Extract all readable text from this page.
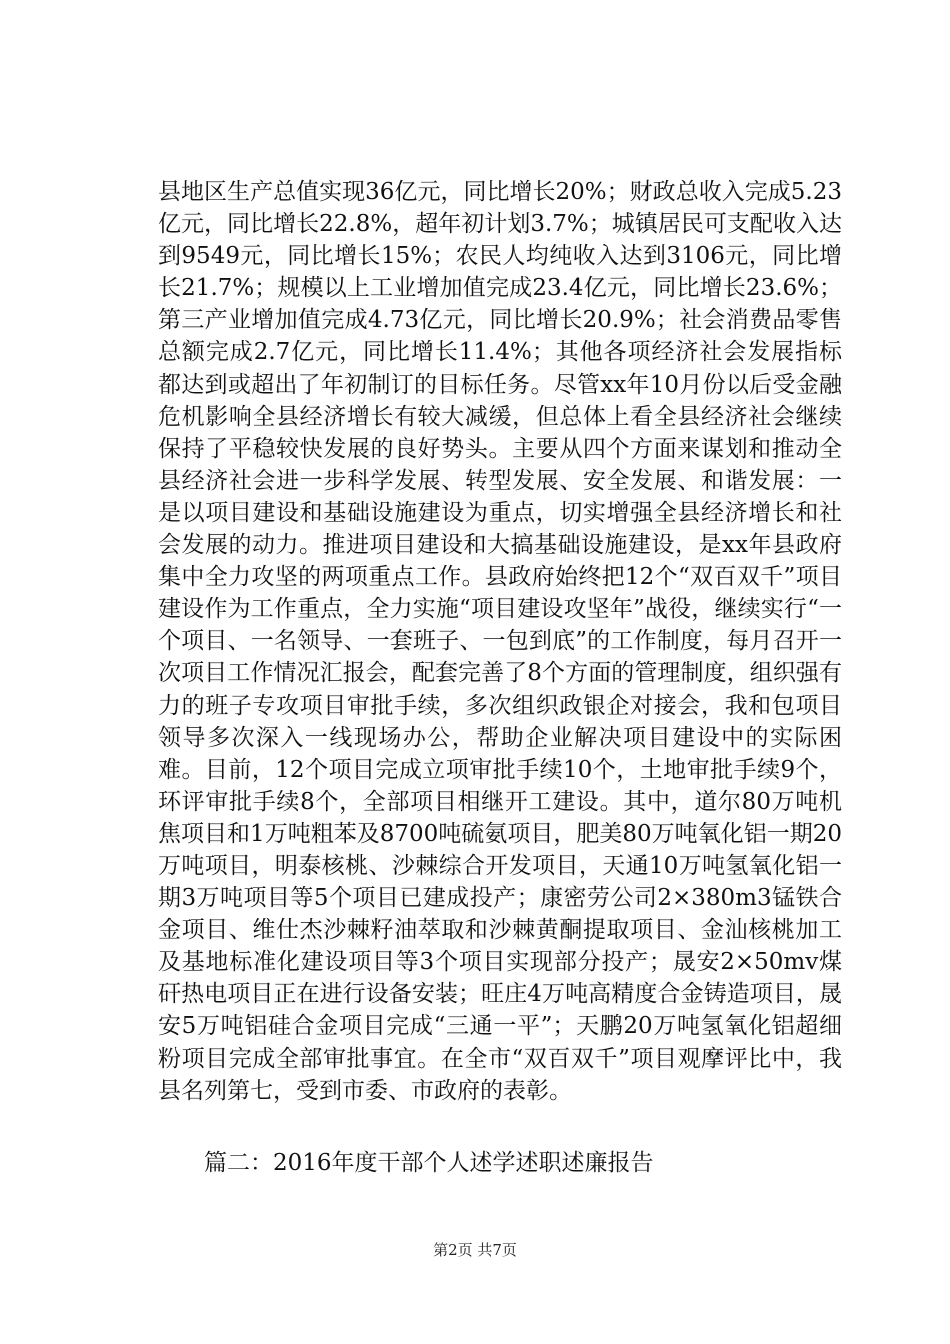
县地区生产总值实现36亿元，同比增长20%；财政总收入完成5.23亿元，同比增长22.8%，超年初计划3.7%；城镇居民可支配收入达到9549元，同比增长15%；农民人均纯收入达到3106元，同比增长21.7%；规模以上工业增加值完成23.4亿元，同比增长23.6%；第三产业增加值完成4.73亿元，同比增长20.9%；社会消费品零售总额完成2.7亿元，同比增长11.4%；其他各项经济社会发展指标都达到或超出了年初制订的目标任务。尽管xx年10月份以后受金融危机影响全县经济增长有较大减缓，但总体上看全县经济社会继续保持了平稳较快发展的良好势头。主要从四个方面来谋划和推动全县经济社会进一步科学发展、转型发展、安全发展、和谐发展：一是以项目建设和基础设施建设为重点，切实增强全县经济增长和社会发展的动力。推进项目建设和大搞基础设施建设，是xx年县政府集中全力攻坚的两项重点工作。县政府始终把12个“双百双千”项目建设作为工作重点，全力实施“项目建设攻坚年”战役，继续实行“一个项目、一名领导、一套班子、一包到底”的工作制度，每月召开一次项目工作情况汇报会，配套完善了8个方面的管理制度，组织强有力的班子专攻项目审批手续，多次组织政银企对接会，我和包项目领导多次深入一线现场办公，帮助企业解决项目建设中的实际困难。目前，12个项目完成立项审批手续10个，土地审批手续9个，环评审批手续8个，全部项目相继开工建设。其中，道尔80万吨机焦项目和1万吨粗苯及8700吨硫氨项目，肥美80万吨氧化铝一期20万吨项目，明泰核桃、沙棘综合开发项目，天通10万吨氢氧化铝一期3万吨项目等5个项目已建成投产；康密劳公司2×380m3锰铁合金项目、维仕杰沙棘籽油萃取和沙棘黄酮提取项目、金汕核桃加工及基地标准化建设项目等3个项目实现部分投产；晟安2×50mv煤矸热电项目正在进行设备安装；旺庄4万吨高精度合金铸造项目，晟安5万吨铝硅合金项目完成“三通一平”；天鹏20万吨氢氧化铝超细粉项目完成全部审批事宜。在全市“双百双千”项目观摩评比中，我县名列第七，受到市委、市政府的表彰。

篇二：2016年度干部个人述学述职述廉报告

第2页 共7页
